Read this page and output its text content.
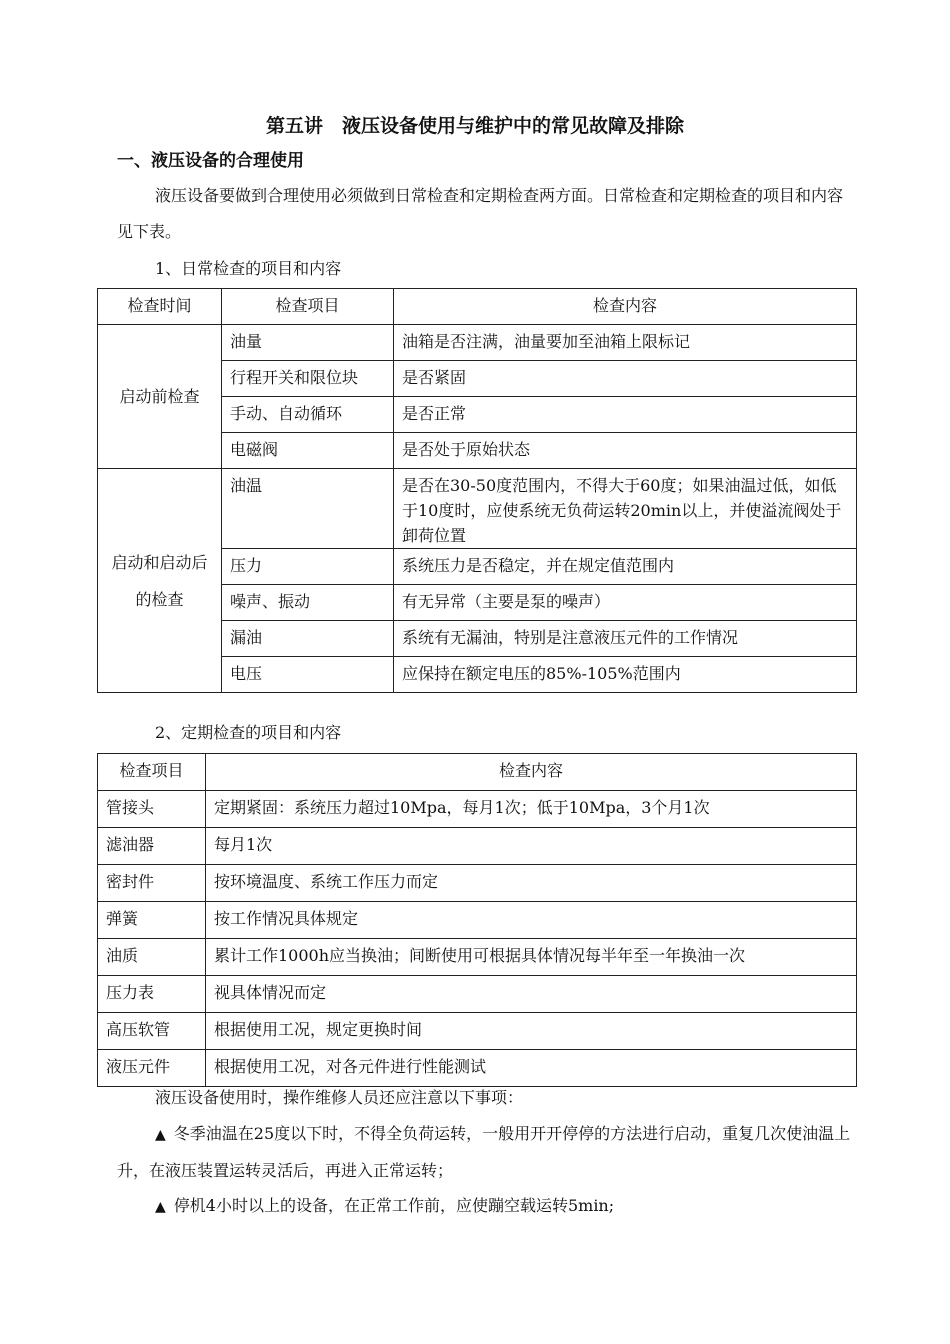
第五讲　液压设备使用与维护中的常见故障及排除
一、液压设备的合理使用
液压设备要做到合理使用必须做到日常检查和定期检查两方面。日常检查和定期检查的项目和内容见下表。
1、日常检查的项目和内容
检查时间	检查项目	检查内容
启动前检查	油量	油箱是否注满，油量要加至油箱上限标记
	行程开关和限位块	是否紧固
	手动、自动循环	是否正常
	电磁阀	是否处于原始状态
启动和启动后的检查	油温	是否在30-50度范围内，不得大于60度；如果油温过低，如低于10度时，应使系统无负荷运转20min以上，并使溢流阀处于卸荷位置
	压力	系统压力是否稳定，并在规定值范围内
	噪声、振动	有无异常（主要是泵的噪声）
	漏油	系统有无漏油，特别是注意液压元件的工作情况
	电压	应保持在额定电压的85%-105%范围内
2、定期检查的项目和内容
检查项目	检查内容
管接头	定期紧固：系统压力超过10Mpa，每月1次；低于10Mpa，3个月1次
滤油器	每月1次
密封件	按环境温度、系统工作压力而定
弹簧	按工作情况具体规定
油质	累计工作1000h应当换油；间断使用可根据具体情况每半年至一年换油一次
压力表	视具体情况而定
高压软管	根据使用工况，规定更换时间
液压元件	根据使用工况，对各元件进行性能测试
液压设备使用时，操作维修人员还应注意以下事项：
▲ 冬季油温在25度以下时，不得全负荷运转，一般用开开停停的方法进行启动，重复几次使油温上升，在液压装置运转灵活后，再进入正常运转；
▲ 停机4小时以上的设备，在正常工作前，应使蹦空载运转5min;
